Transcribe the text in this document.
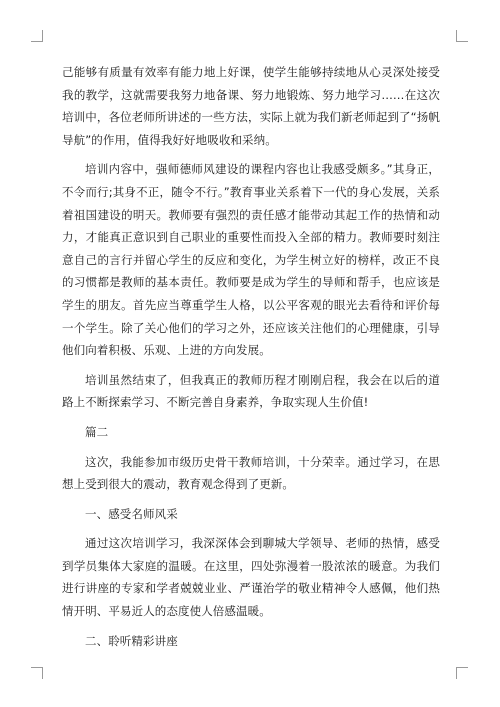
己能够有质量有效率有能力地上好课，使学生能够持续地从心灵深处接受我的教学，这就需要我努力地备课、努力地锻炼、努力地学习……在这次培训中，各位老师所讲述的一些方法，实际上就为我们新老师起到了“扬帆导航”的作用，值得我好好地吸收和采纳。

培训内容中，强师德师风建设的课程内容也让我感受颇多。”其身正，不令而行;其身不正，随令不行。”教育事业关系着下一代的身心发展，关系着祖国建设的明天。教师要有强烈的责任感才能带动其起工作的热情和动力，才能真正意识到自己职业的重要性而投入全部的精力。教师要时刻注意自己的言行并留心学生的反应和变化，为学生树立好的榜样，改正不良的习惯都是教师的基本责任。教师要是成为学生的导师和帮手，也应该是学生的朋友。首先应当尊重学生人格，以公平客观的眼光去看待和评价每一个学生。除了关心他们的学习之外，还应该关注他们的心理健康，引导他们向着积极、乐观、上进的方向发展。

培训虽然结束了，但我真正的教师历程才刚刚启程，我会在以后的道路上不断探索学习、不断完善自身素养，争取实现人生价值!

篇二

这次，我能参加市级历史骨干教师培训，十分荣幸。通过学习，在思想上受到很大的震动，教育观念得到了更新。

一、感受名师风采

通过这次培训学习，我深深体会到聊城大学领导、老师的热情，感受到学员集体大家庭的温暖。在这里，四处弥漫着一股浓浓的暖意。为我们进行讲座的专家和学者兢兢业业、严谨治学的敬业精神令人感佩，他们热情开明、平易近人的态度使人倍感温暖。

二、聆听精彩讲座
